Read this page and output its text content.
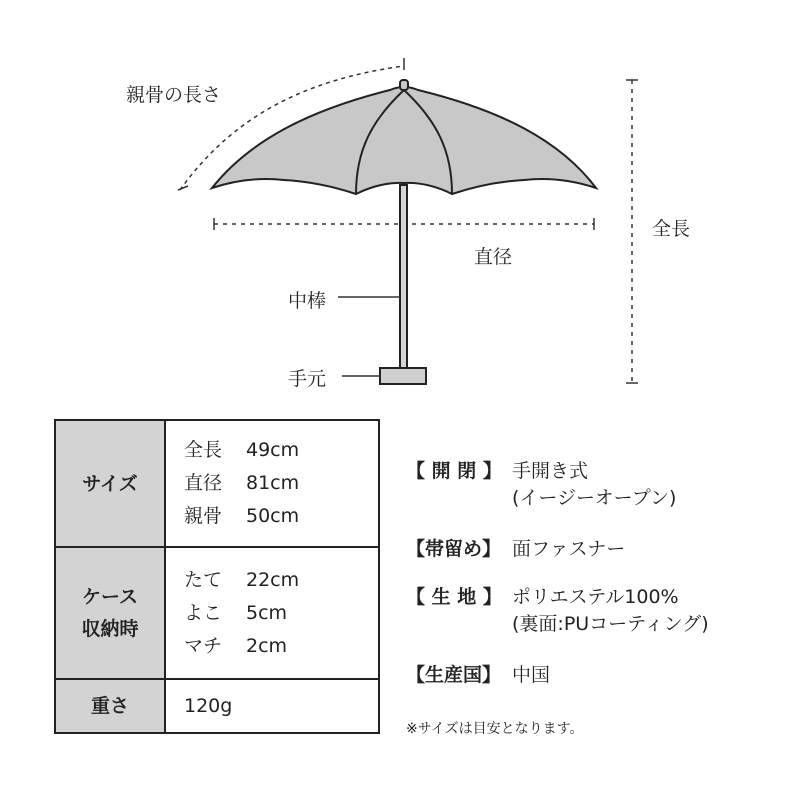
親骨の長さ
全長
直径
中棒
手元
サイズ
全長 49cm
直径 81cm
親骨 50cm
ケース
収納時
たて 22cm
よこ 5cm
マチ 2cm
重さ	120g
【 開 閉 】 手開き式
(イージーオープン)
【帯留め】 面ファスナー
【 生 地 】 ポリエステル100%
(裏面:PUコーティング)
【生産国】 中国
※サイズは目安となります。
